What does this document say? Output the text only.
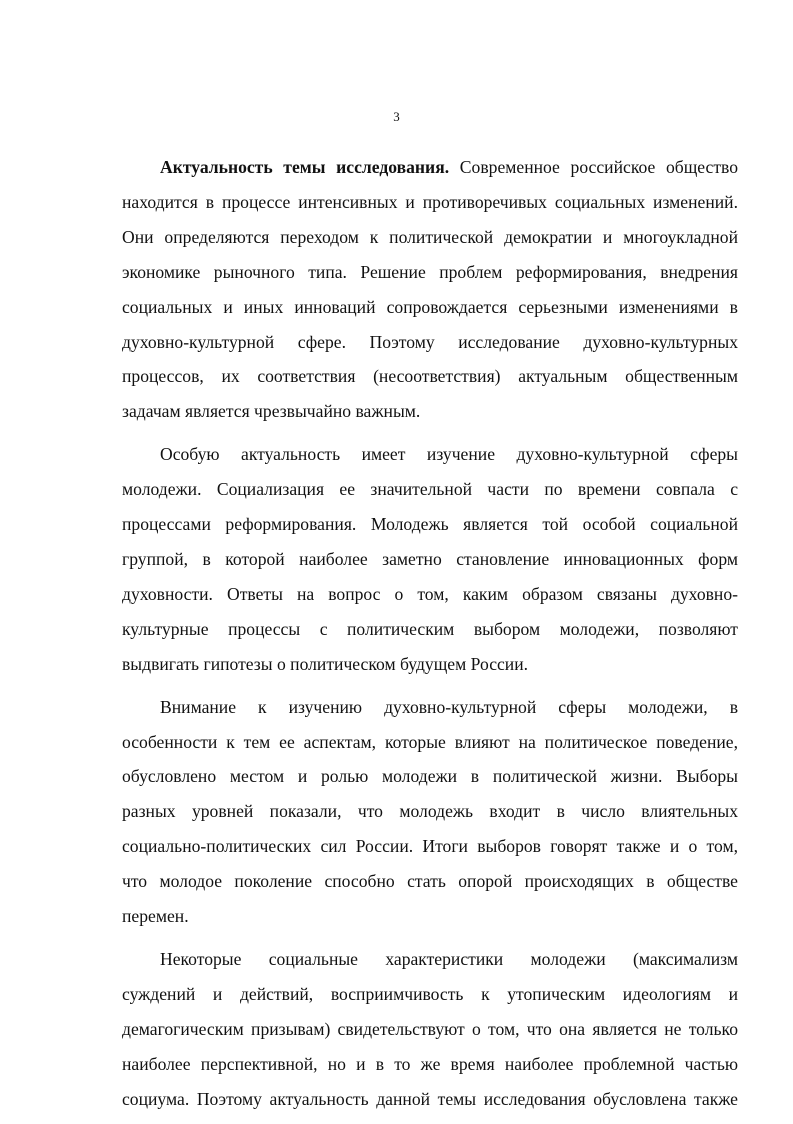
3
Актуальность темы исследования. Современное российское общество
находится в процессе интенсивных и противоречивых социальных изменений.
Они определяются переходом к политической демократии и многоукладной
экономике рыночного типа. Решение проблем реформирования, внедрения
социальных и иных инноваций сопровождается серьезными изменениями в
духовно-культурной сфере. Поэтому исследование духовно-культурных
процессов, их соответствия (несоответствия) актуальным общественным
задачам является чрезвычайно важным.
Особую актуальность имеет изучение духовно-культурной сферы
молодежи. Социализация ее значительной части по времени совпала с
процессами реформирования. Молодежь является той особой социальной
группой, в которой наиболее заметно становление инновационных форм
духовности. Ответы на вопрос о том, каким образом связаны духовно-
культурные процессы с политическим выбором молодежи, позволяют
выдвигать гипотезы о политическом будущем России.
Внимание к изучению духовно-культурной сферы молодежи, в
особенности к тем ее аспектам, которые влияют на политическое поведение,
обусловлено местом и ролью молодежи в политической жизни. Выборы
разных уровней показали, что молодежь входит в число влиятельных
социально-политических сил России. Итоги выборов говорят также и о том,
что молодое поколение способно стать опорой происходящих в обществе
перемен.
Некоторые социальные характеристики молодежи (максимализм
суждений и действий, восприимчивость к утопическим идеологиям и
демагогическим призывам) свидетельствуют о том, что она является не только
наиболее перспективной, но и в то же время наиболее проблемной частью
социума. Поэтому актуальность данной темы исследования обусловлена также
